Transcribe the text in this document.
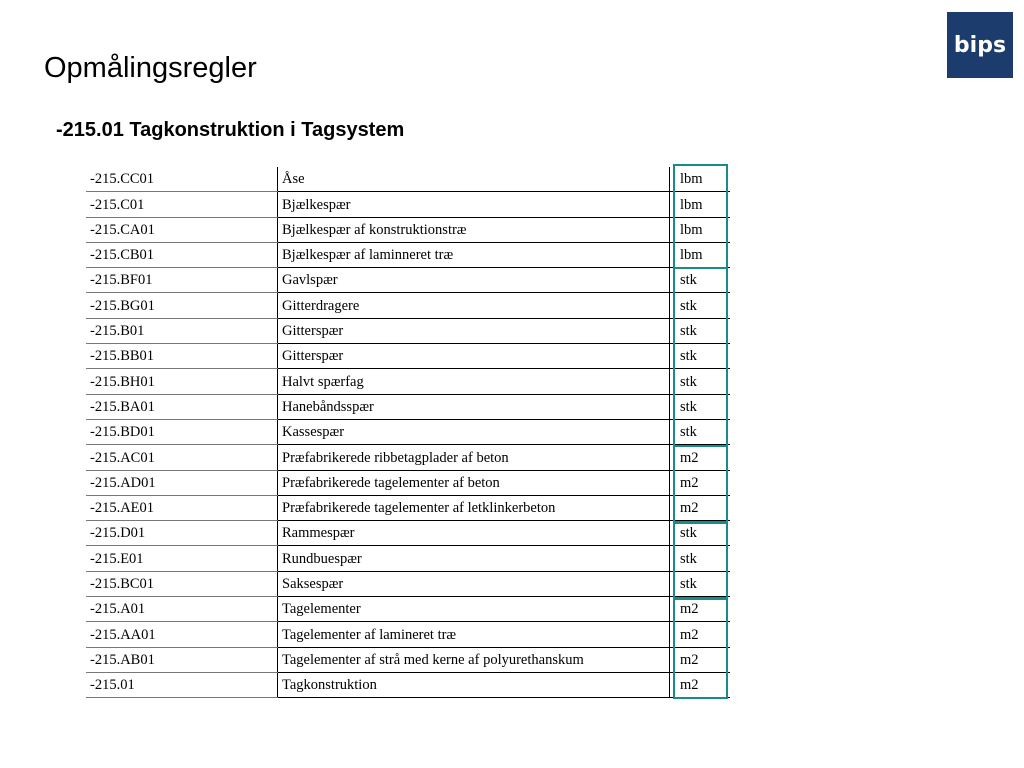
Opmålingsregler
bips
-215.01 Tagkonstruktion i Tagsystem
-215.CC01	Åse	lbm
-215.C01	Bjælkespær	lbm
-215.CA01	Bjælkespær af konstruktionstræ	lbm
-215.CB01	Bjælkespær af laminneret træ	lbm
-215.BF01	Gavlspær	stk
-215.BG01	Gitterdragere	stk
-215.B01	Gitterspær	stk
-215.BB01	Gitterspær	stk
-215.BH01	Halvt spærfag	stk
-215.BA01	Hanebåndsspær	stk
-215.BD01	Kassespær	stk
-215.AC01	Præfabrikerede ribbetagplader af beton	m2
-215.AD01	Præfabrikerede tagelementer af beton	m2
-215.AE01	Præfabrikerede tagelementer af letklinkerbeton	m2
-215.D01	Rammespær	stk
-215.E01	Rundbuespær	stk
-215.BC01	Saksespær	stk
-215.A01	Tagelementer	m2
-215.AA01	Tagelementer af lamineret træ	m2
-215.AB01	Tagelementer af strå med kerne af polyurethanskum	m2
-215.01	Tagkonstruktion	m2
